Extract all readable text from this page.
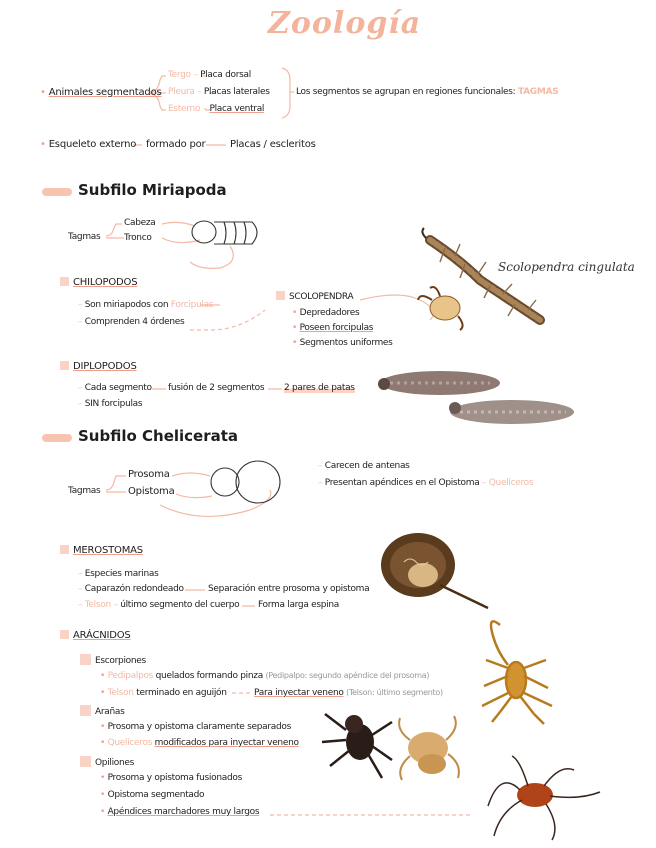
Zoología
• Animales segmentados
Tergo – Placa dorsal
Pleura – Placas laterales
Esterno – Placa ventral
Los segmentos se agrupan en regiones funcionales: TAGMAS
• Esqueleto externo formado por Placas / escleritos
Subfilo Miriapoda
Tagmas
Cabeza
Tronco
Scolopendra cingulata
CHILOPODOS
– Son miriapodos con Forcipulas
– Comprenden 4 órdenes
SCOLOPENDRA
• Depredadores
• Poseen forcipulas
• Segmentos uniformes
DIPLOPODOS
– Cada segmento fusión de 2 segmentos 2 pares de patas
– SIN forcipulas
Subfilo Chelicerata
Tagmas
Prosoma
Opistoma
– Carecen de antenas
– Presentan apéndices en el Opistoma – Quelíceros
MEROSTOMAS
– Especies marinas
– Caparazón redondeado	Separación entre prosoma y opistoma
– Telson – último segmento del cuerpo Forma larga espina
ARÁCNIDOS
Escorpiones
• Pedipalpos quelados formando pinza (Pedipalpo: segundo apéndice del prosoma)
• Telson terminado en aguijón	Para inyectar veneno (Telson: último segmento)
Arañas
• Prosoma y opistoma claramente separados
• Quelíceros modificados para inyectar veneno
Opiliones
• Prosoma y opistoma fusionados
• Opistoma segmentado
• Apéndices marchadores muy largos
